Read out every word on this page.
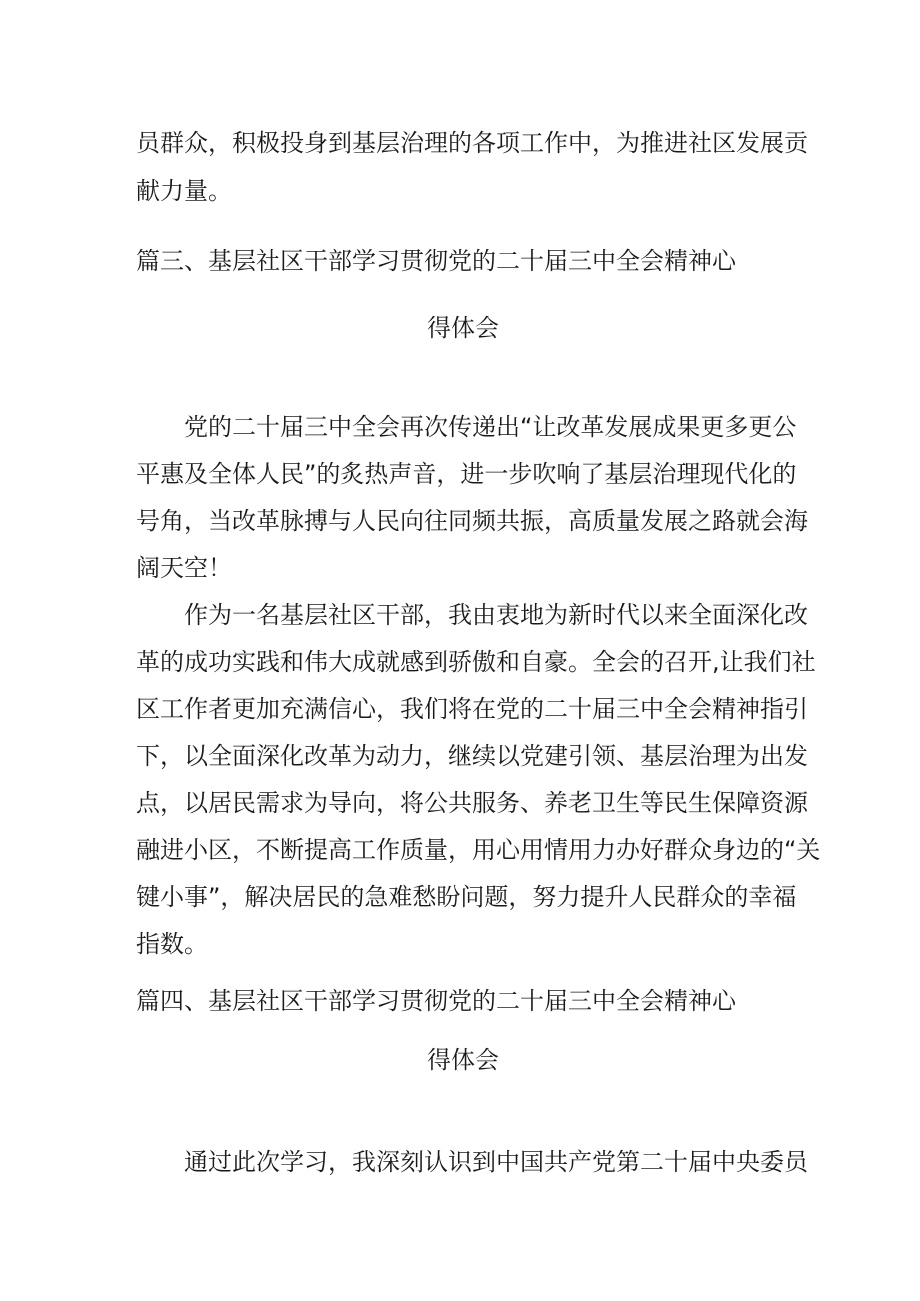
员群众，积极投身到基层治理的各项工作中，为推进社区发展贡
献力量。
篇三、基层社区干部学习贯彻党的二十届三中全会精神心
得体会
党的二十届三中全会再次传递出“让改革发展成果更多更公
平惠及全体人民”的炙热声音，进一步吹响了基层治理现代化的
号角，当改革脉搏与人民向往同频共振，高质量发展之路就会海
阔天空！
作为一名基层社区干部，我由衷地为新时代以来全面深化改
革的成功实践和伟大成就感到骄傲和自豪。全会的召开,让我们社
区工作者更加充满信心，我们将在党的二十届三中全会精神指引
下，以全面深化改革为动力，继续以党建引领、基层治理为出发
点，以居民需求为导向，将公共服务、养老卫生等民生保障资源
融进小区，不断提高工作质量，用心用情用力办好群众身边的“关
键小事”，解决居民的急难愁盼问题，努力提升人民群众的幸福
指数。
篇四、基层社区干部学习贯彻党的二十届三中全会精神心
得体会
通过此次学习，我深刻认识到中国共产党第二十届中央委员
